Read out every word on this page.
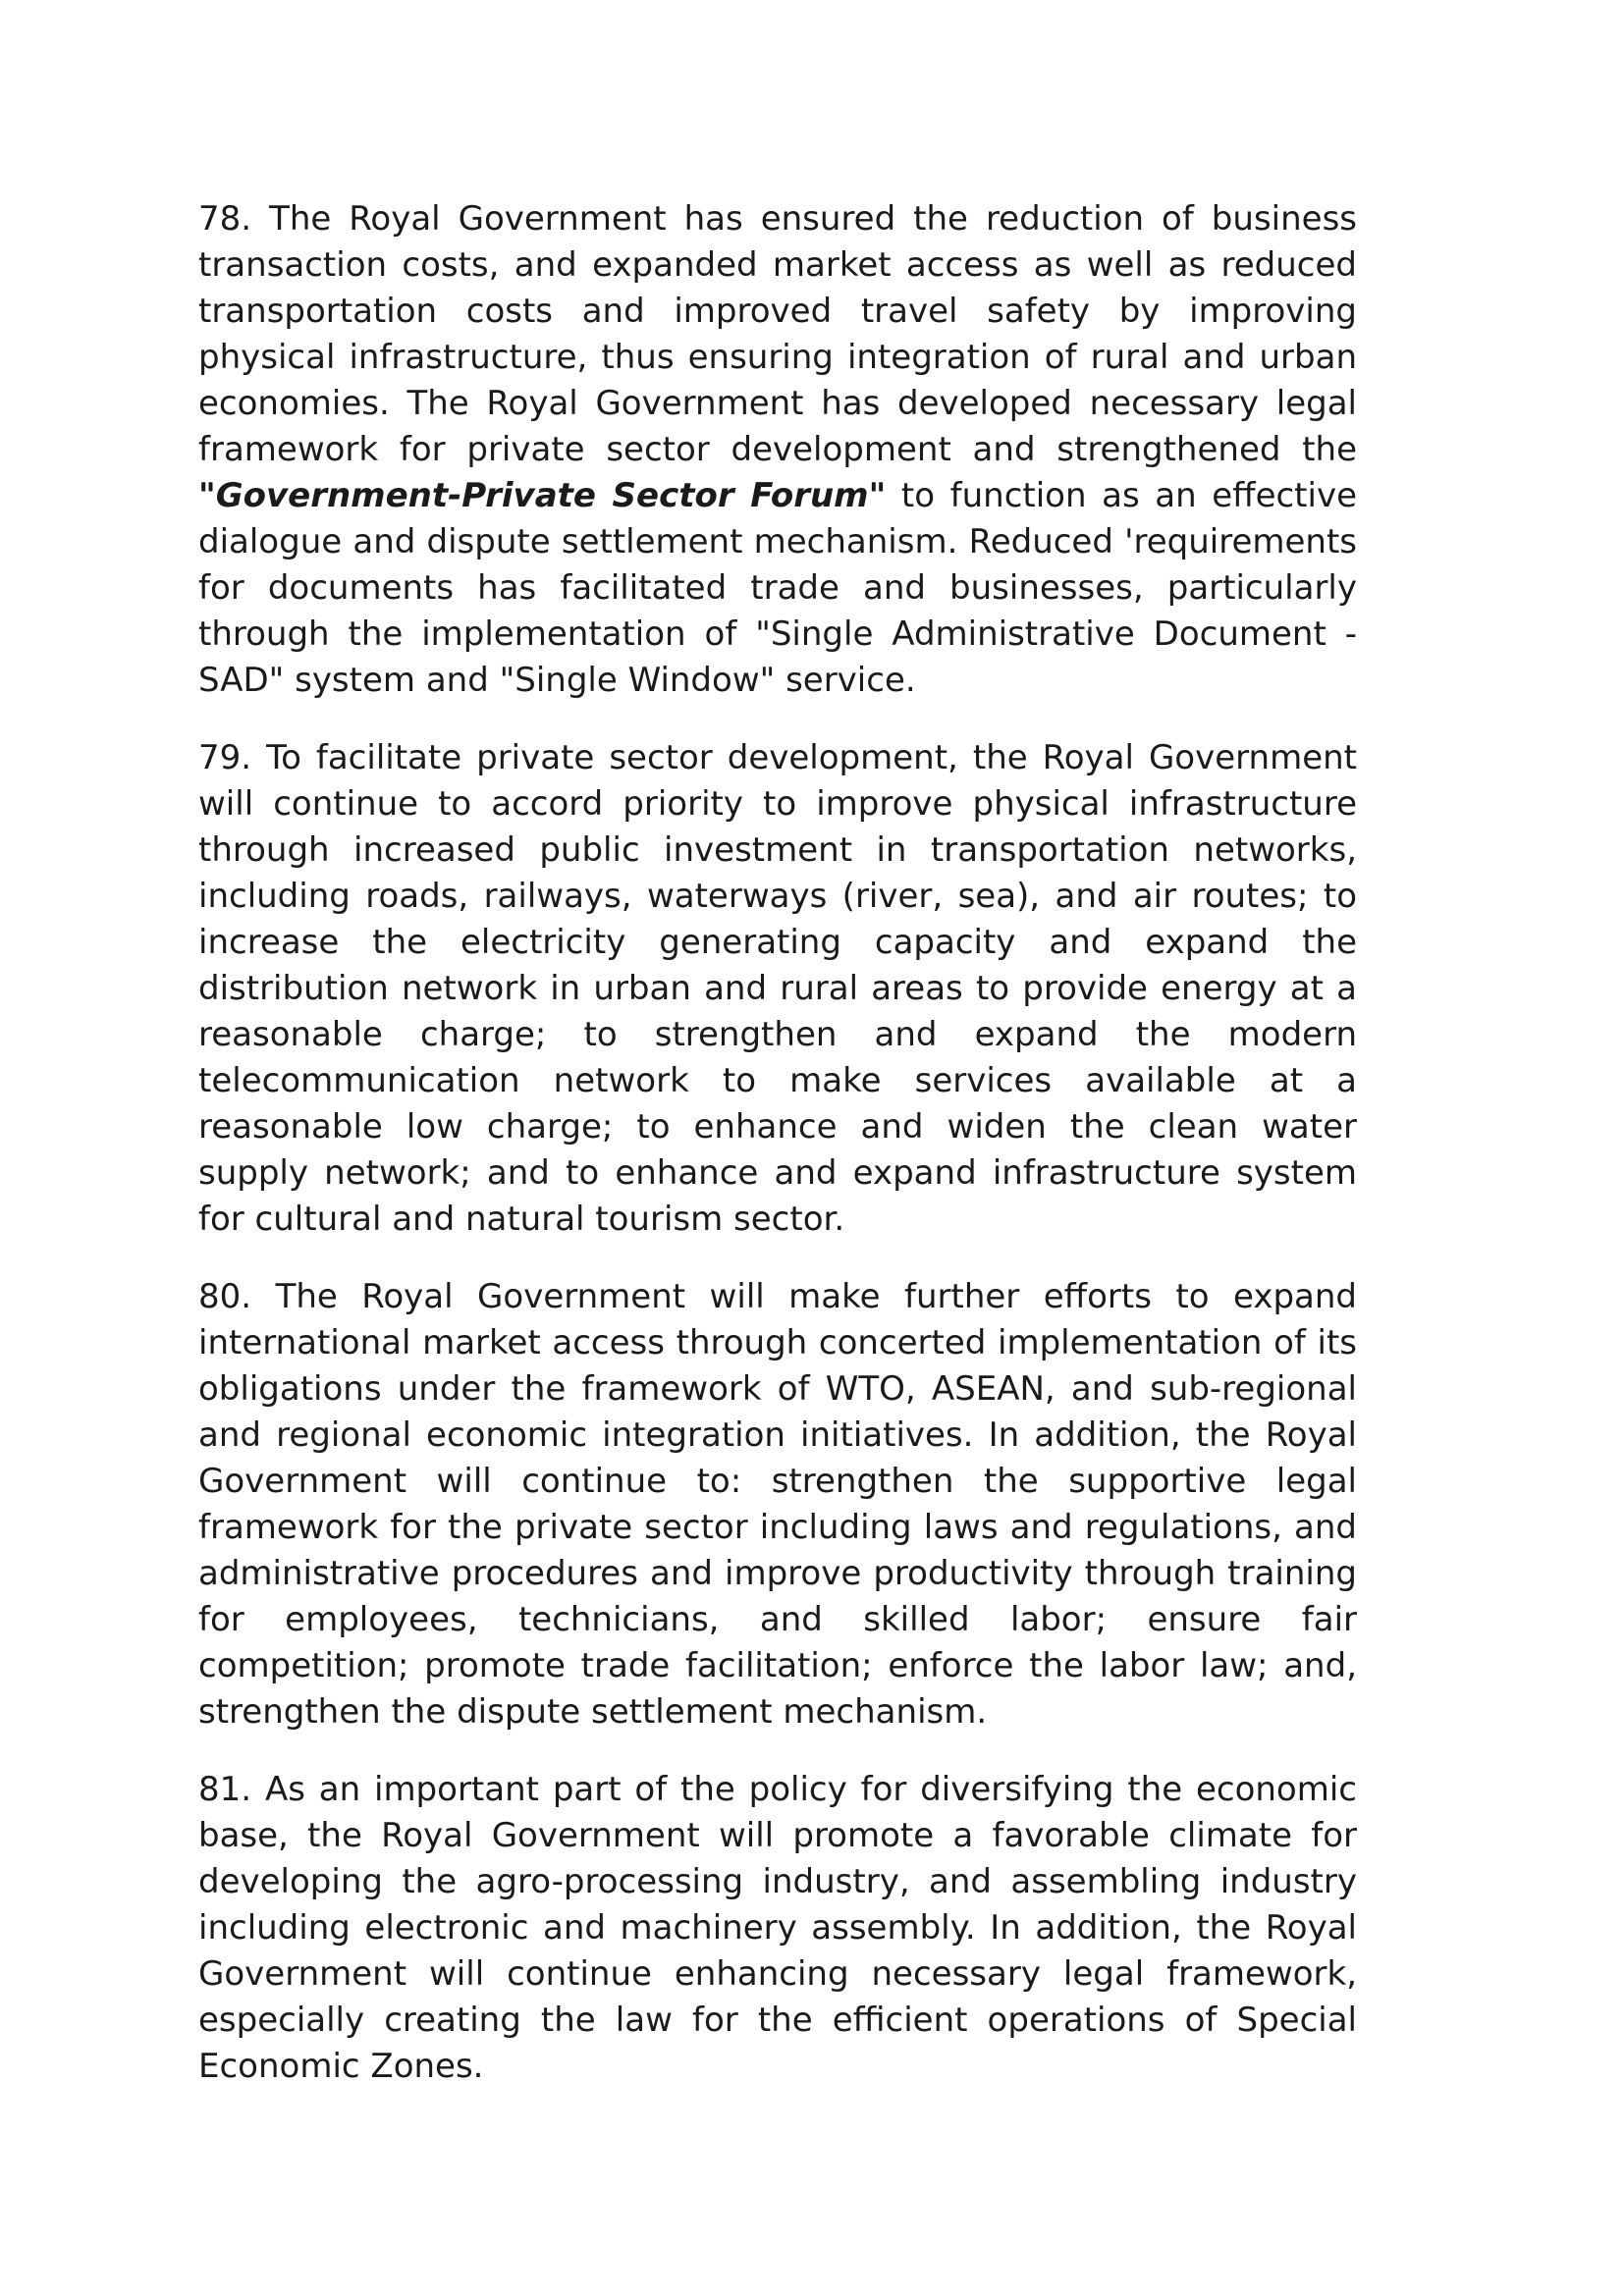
78. The Royal Government has ensured the reduction of business transaction costs, and expanded market access as well as reduced transportation costs and improved travel safety by improving physical infrastructure, thus ensuring integration of rural and urban economies. The Royal Government has developed necessary legal framework for private sector development and strengthened the "Government-Private Sector Forum" to function as an effective dialogue and dispute settlement mechanism. Reduced 'requirements for documents has facilitated trade and businesses, particularly through the implementation of "Single Administrative Document - SAD" system and "Single Window" service.

79. To facilitate private sector development, the Royal Government will continue to accord priority to improve physical infrastructure through increased public investment in transportation networks, including roads, railways, waterways (river, sea), and air routes; to increase the electricity generating capacity and expand the distribution network in urban and rural areas to provide energy at a reasonable charge; to strengthen and expand the modern telecommunication network to make services available at a reasonable low charge; to enhance and widen the clean water supply network; and to enhance and expand infrastructure system for cultural and natural tourism sector.

80. The Royal Government will make further efforts to expand international market access through concerted implementation of its obligations under the framework of WTO, ASEAN, and sub-regional and regional economic integration initiatives. In addition, the Royal Government will continue to: strengthen the supportive legal framework for the private sector including laws and regulations, and administrative procedures and improve productivity through training for employees, technicians, and skilled labor; ensure fair competition; promote trade facilitation; enforce the labor law; and, strengthen the dispute settlement mechanism.

81. As an important part of the policy for diversifying the economic base, the Royal Government will promote a favorable climate for developing the agro-processing industry, and assembling industry including electronic and machinery assembly. In addition, the Royal Government will continue enhancing necessary legal framework, especially creating the law for the efficient operations of Special Economic Zones.
